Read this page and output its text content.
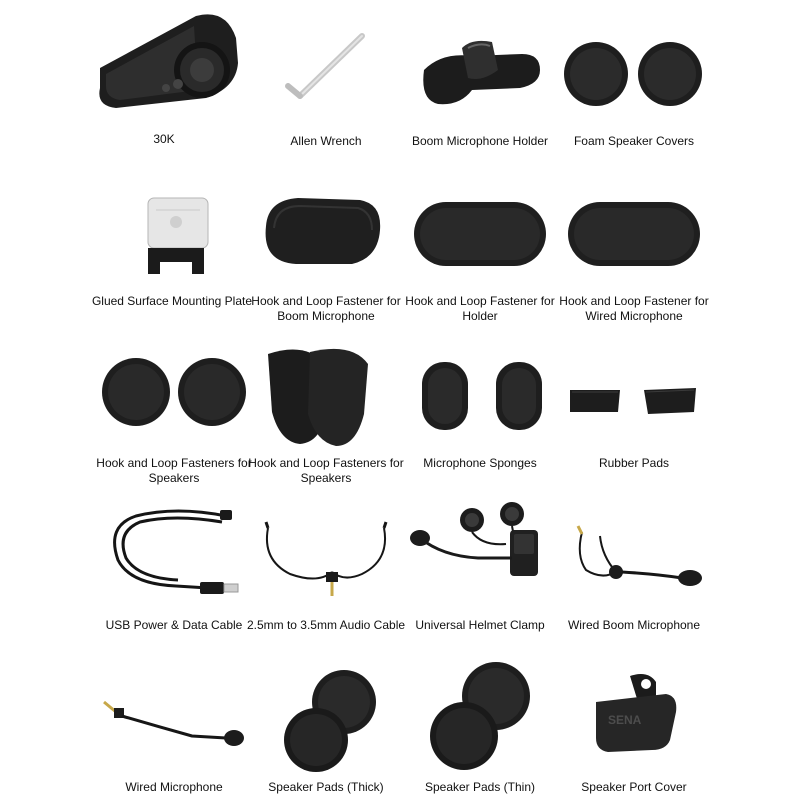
30K	Allen Wrench	Boom Microphone Holder	Foam Speaker Covers
Glued Surface Mounting Plate Hook and Loop Fastener for Boom Microphone
Hook and Loop Fastener for Holder
Hook and Loop Fastener for Wired Microphone
Hook and Loop Fasteners for Speakers
Hook and Loop Fasteners for Speakers
Microphone Sponges	Rubber Pads
USB Power & Data Cable 2.5mm to 3.5mm Audio Cable Universal Helmet Clamp	Wired Boom Microphone
Wired Microphone	Speaker Pads (Thick)	Speaker Pads (Thin)
SENA
Speaker Port Cover
